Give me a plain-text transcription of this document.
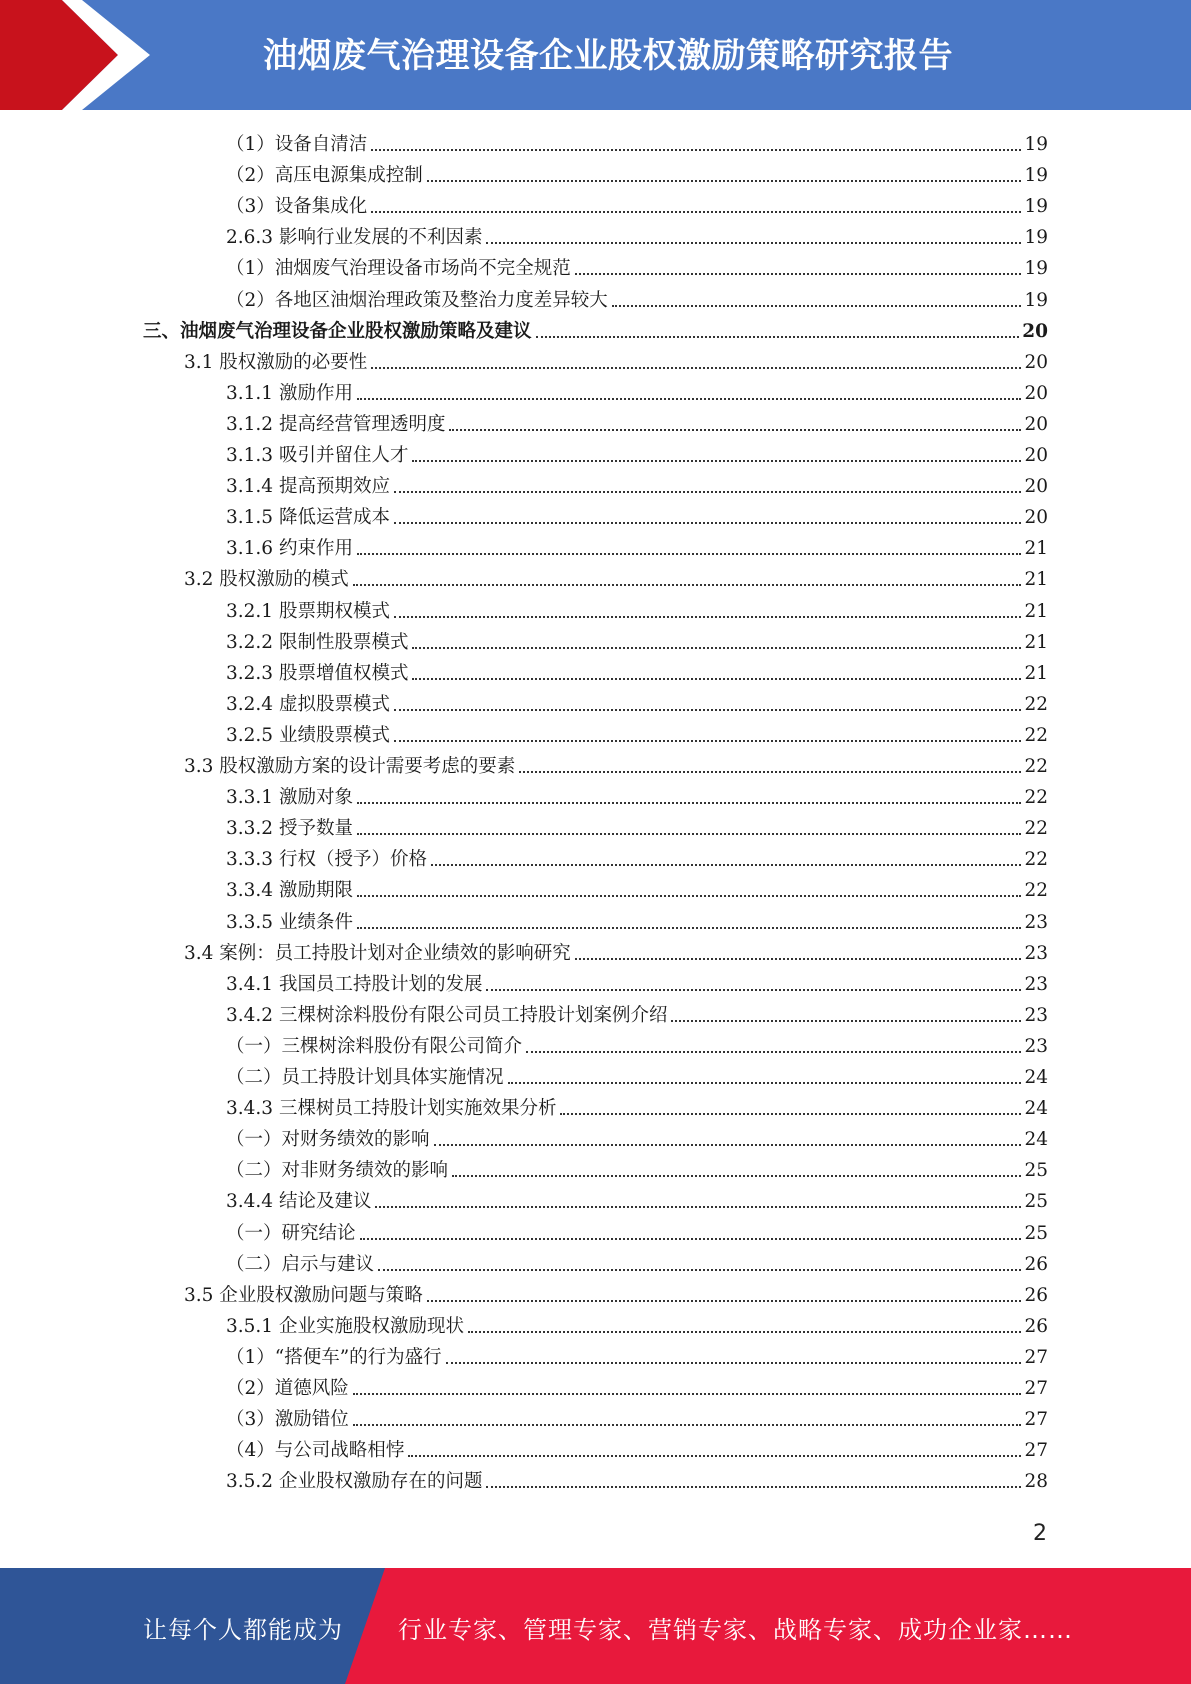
油烟废气治理设备企业股权激励策略研究报告
（1）设备自清洁	19
（2）高压电源集成控制	19
（3）设备集成化	19
2.6.3 影响行业发展的不利因素	19
（1）油烟废气治理设备市场尚不完全规范	19
（2）各地区油烟治理政策及整治力度差异较大	19
三、油烟废气治理设备企业股权激励策略及建议	20
3.1 股权激励的必要性	20
3.1.1 激励作用	20
3.1.2 提高经营管理透明度	20
3.1.3 吸引并留住人才	20
3.1.4 提高预期效应	20
3.1.5 降低运营成本	20
3.1.6 约束作用	21
3.2 股权激励的模式	21
3.2.1 股票期权模式	21
3.2.2 限制性股票模式	21
3.2.3 股票增值权模式	21
3.2.4 虚拟股票模式	22
3.2.5 业绩股票模式	22
3.3 股权激励方案的设计需要考虑的要素	22
3.3.1 激励对象	22
3.3.2 授予数量	22
3.3.3 行权（授予）价格	22
3.3.4 激励期限	22
3.3.5 业绩条件	23
3.4 案例：员工持股计划对企业绩效的影响研究	23
3.4.1 我国员工持股计划的发展	23
3.4.2 三棵树涂料股份有限公司员工持股计划案例介绍	23
（一）三棵树涂料股份有限公司简介	23
（二）员工持股计划具体实施情况	24
3.4.3 三棵树员工持股计划实施效果分析	24
（一）对财务绩效的影响	24
（二）对非财务绩效的影响	25
3.4.4 结论及建议	25
（一）研究结论	25
（二）启示与建议	26
3.5 企业股权激励问题与策略	26
3.5.1 企业实施股权激励现状	26
（1）“搭便车”的行为盛行	27
（2）道德风险	27
（3）激励错位	27
（4）与公司战略相悖	27
3.5.2 企业股权激励存在的问题	28
2
让每个人都能成为 行业专家、管理专家、营销专家、战略专家、成功企业家……
